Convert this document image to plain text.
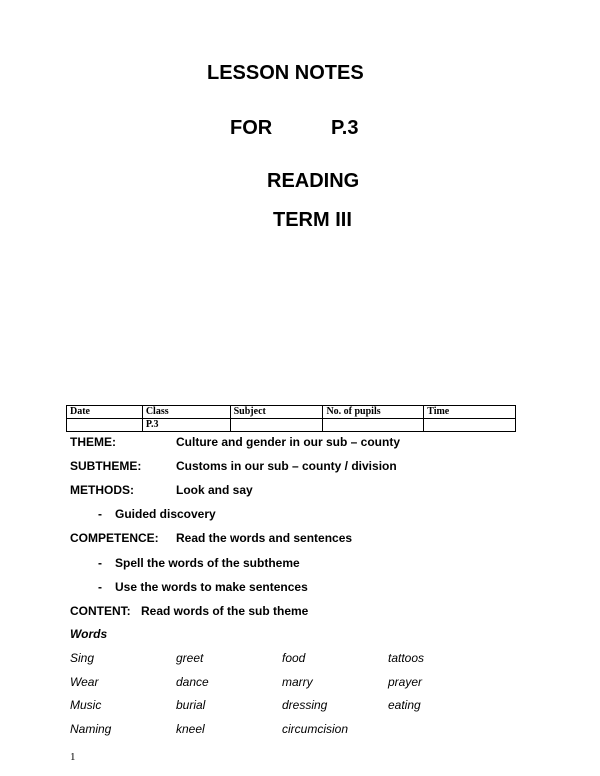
LESSON NOTES
FOR	P.3
READING
TERM III
Date	Class	Subject	No. of pupils	Time
	P.3			
THEME:	Culture and gender in our sub – county
SUBTHEME:	Customs in our sub – county / division
METHODS:	Look and say
- Guided discovery
COMPETENCE: Read the words and sentences
- Spell the words of the subtheme
- Use the words to make sentences
CONTENT: Read words of the sub theme
Words
Sing	greet	food	tattoos
Wear	dance	marry	prayer
Music	burial	dressing	eating
Naming	kneel	circumcision
1
